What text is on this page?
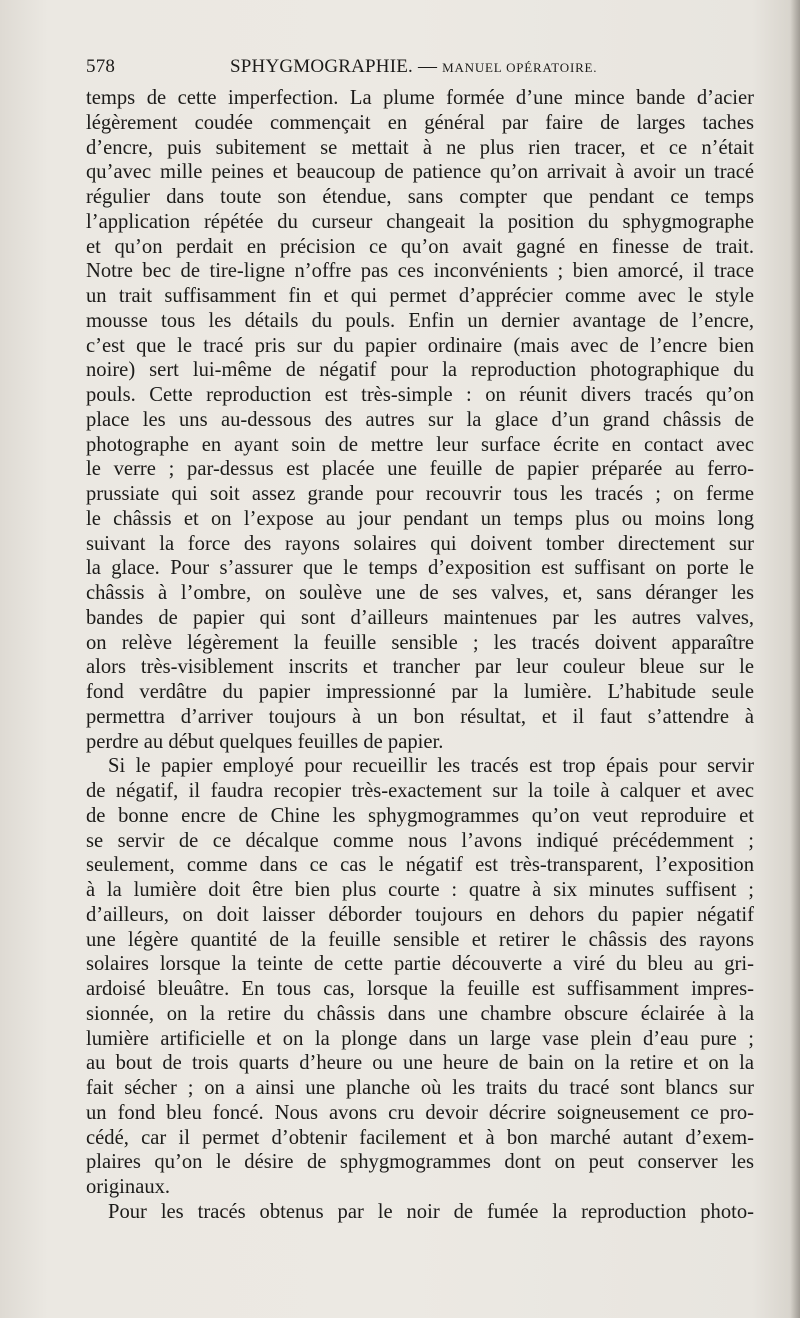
578	SPHYGMOGRAPHIE. — MANUEL OPÉRATOIRE.
temps de cette imperfection. La plume formée d’une mince bande d’acier
légèrement coudée commençait en général par faire de larges taches
d’encre, puis subitement se mettait à ne plus rien tracer, et ce n’était
qu’avec mille peines et beaucoup de patience qu’on arrivait à avoir un tracé
régulier dans toute son étendue, sans compter que pendant ce temps
l’application répétée du curseur changeait la position du sphygmographe
et qu’on perdait en précision ce qu’on avait gagné en finesse de trait.
Notre bec de tire-ligne n’offre pas ces inconvénients ; bien amorcé, il trace
un trait suffisamment fin et qui permet d’apprécier comme avec le style
mousse tous les détails du pouls. Enfin un dernier avantage de l’encre,
c’est que le tracé pris sur du papier ordinaire (mais avec de l’encre bien
noire) sert lui-même de négatif pour la reproduction photographique du
pouls. Cette reproduction est très-simple : on réunit divers tracés qu’on
place les uns au-dessous des autres sur la glace d’un grand châssis de
photographe en ayant soin de mettre leur surface écrite en contact avec
le verre ; par-dessus est placée une feuille de papier préparée au ferro-
prussiate qui soit assez grande pour recouvrir tous les tracés ; on ferme
le châssis et on l’expose au jour pendant un temps plus ou moins long
suivant la force des rayons solaires qui doivent tomber directement sur
la glace. Pour s’assurer que le temps d’exposition est suffisant on porte le
châssis à l’ombre, on soulève une de ses valves, et, sans déranger les
bandes de papier qui sont d’ailleurs maintenues par les autres valves,
on relève légèrement la feuille sensible ; les tracés doivent apparaître
alors très-visiblement inscrits et trancher par leur couleur bleue sur le
fond verdâtre du papier impressionné par la lumière. L’habitude seule
permettra d’arriver toujours à un bon résultat, et il faut s’attendre à
perdre au début quelques feuilles de papier.
Si le papier employé pour recueillir les tracés est trop épais pour servir
de négatif, il faudra recopier très-exactement sur la toile à calquer et avec
de bonne encre de Chine les sphygmogrammes qu’on veut reproduire et
se servir de ce décalque comme nous l’avons indiqué précédemment ;
seulement, comme dans ce cas le négatif est très-transparent, l’exposition
à la lumière doit être bien plus courte : quatre à six minutes suffisent ;
d’ailleurs, on doit laisser déborder toujours en dehors du papier négatif
une légère quantité de la feuille sensible et retirer le châssis des rayons
solaires lorsque la teinte de cette partie découverte a viré du bleu au gri-
ardoisé bleuâtre. En tous cas, lorsque la feuille est suffisamment impres-
sionnée, on la retire du châssis dans une chambre obscure éclairée à la
lumière artificielle et on la plonge dans un large vase plein d’eau pure ;
au bout de trois quarts d’heure ou une heure de bain on la retire et on la
fait sécher ; on a ainsi une planche où les traits du tracé sont blancs sur
un fond bleu foncé. Nous avons cru devoir décrire soigneusement ce pro-
cédé, car il permet d’obtenir facilement et à bon marché autant d’exem-
plaires qu’on le désire de sphygmogrammes dont on peut conserver les
originaux.
Pour les tracés obtenus par le noir de fumée la reproduction photo-
